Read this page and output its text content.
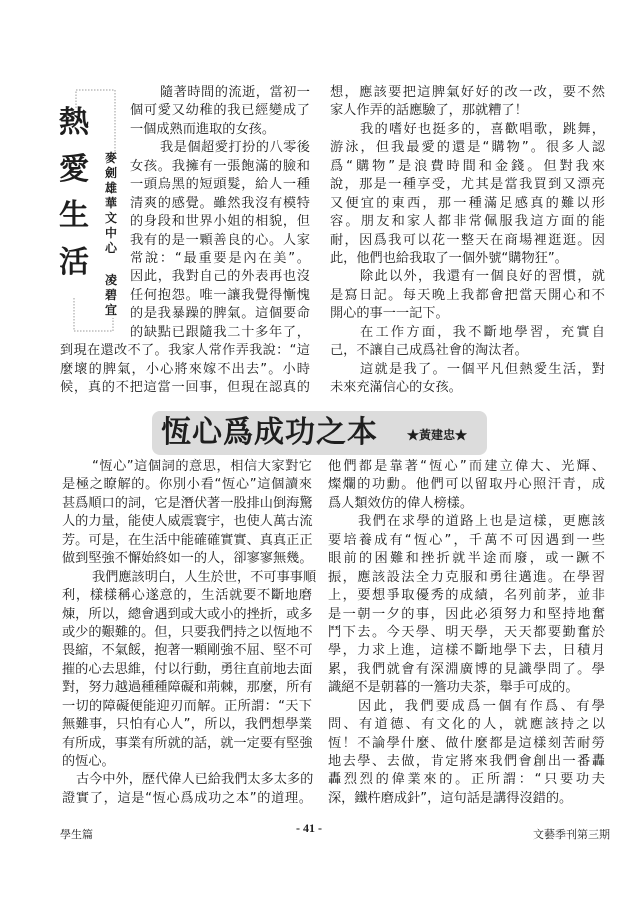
熱
愛
生
活
麥
劍
雄
華
文
中
心
凌
碧
宜
隨著時間的流逝，當初一
個可愛又幼稚的我已經變成了
一個成熟而進取的女孩。
我是個超愛打扮的八零後
女孩。我擁有一張飽滿的臉和
一頭烏黑的短頭髮，給人一種
清爽的感覺。雖然我沒有模特
的身段和世界小姐的相貌，但
我有的是一顆善良的心。人家
常說：“最重要是內在美”。
因此，我對自己的外表再也沒
任何抱怨。唯一讓我覺得慚愧
的是我暴躁的脾氣。這個要命
的缺點已跟隨我二十多年了，
到現在還改不了。我家人常作弄我說：“這
麼壞的脾氣，小心將來嫁不出去”。小時
候，真的不把這當一回事，但現在認真的
想，應該要把這脾氣好好的改一改，要不然
家人作弄的話應驗了，那就糟了！
我的嗜好也挺多的，喜歡唱歌，跳舞，
游泳，但我最愛的還是“購物”。很多人認
爲“購物”是浪費時間和金錢。但對我來
說，那是一種享受，尤其是當我買到又漂亮
又便宜的東西，那一種滿足感真的難以形
容。朋友和家人都非常佩服我這方面的能
耐，因爲我可以花一整天在商場裡逛逛。因
此，他們也給我取了一個外號“購物狂”。
除此以外，我還有一個良好的習慣，就
是寫日記。每天晚上我都會把當天開心和不
開心的事一一記下。
在工作方面，我不斷地學習，充實自
己，不讓自己成爲社會的淘汰者。
這就是我了。一個平凡但熱愛生活，對
未來充滿信心的女孩。
恆心爲成功之本 ★黃建忠★
“恆心”這個詞的意思，相信大家對它
是極之瞭解的。你別小看“恆心”這個讀來
甚爲順口的詞，它是潛伏著一股排山倒海驚
人的力量，能使人威震寰宇，也使人萬古流
芳。可是，在生活中能確確實實、真真正正
做到堅強不懈始終如一的人，卻寥寥無幾。
我們應該明白，人生於世，不可事事順
利，樣樣稱心遂意的，生活就要不斷地磨
煉，所以，總會遇到或大或小的挫折，或多
或少的艱難的。但，只要我們持之以恆地不
畏縮，不氣餒，抱著一顆剛強不屈、堅不可
摧的心去思維，付以行動，勇往直前地去面
對，努力越過種種障礙和荊棘，那麼，所有
一切的障礙便能迎刃而解。正所謂：“天下
無難事，只怕有心人”，所以，我們想學業
有所成，事業有所就的話，就一定要有堅強
的恆心。
古今中外，歷代偉人已給我們太多太多的
證實了，這是“恆心爲成功之本”的道理。
他們都是靠著“恆心”而建立偉大、光輝、
燦爛的功勳。他們可以留取丹心照汗青，成
爲人類效仿的偉人榜樣。
我們在求學的道路上也是這樣，更應該
要培養成有“恆心”，千萬不可因遇到一些
眼前的困難和挫折就半途而廢，或一蹶不
振，應該設法全力克服和勇往邁進。在學習
上，要想爭取優秀的成績，名列前茅，並非
是一朝一夕的事，因此必須努力和堅持地奮
鬥下去。今天學、明天學，天天都要勤奮於
學，力求上進，這樣不斷地學下去，日積月
累，我們就會有深淵廣博的見識學問了。學
識絕不是朝暮的一簷功夫茶，舉手可成的。
因此，我們要成爲一個有作爲、有學
問、有道德、有文化的人，就應該持之以
恆！不論學什麼、做什麼都是這樣刻苦耐勞
地去學、去做，肯定將來我們會創出一番轟
轟烈烈的偉業來的。正所謂：“只要功夫
深，鐵杵磨成針”，這句話是講得沒錯的。
學生篇	- 41 -	文藝季刊第三期
